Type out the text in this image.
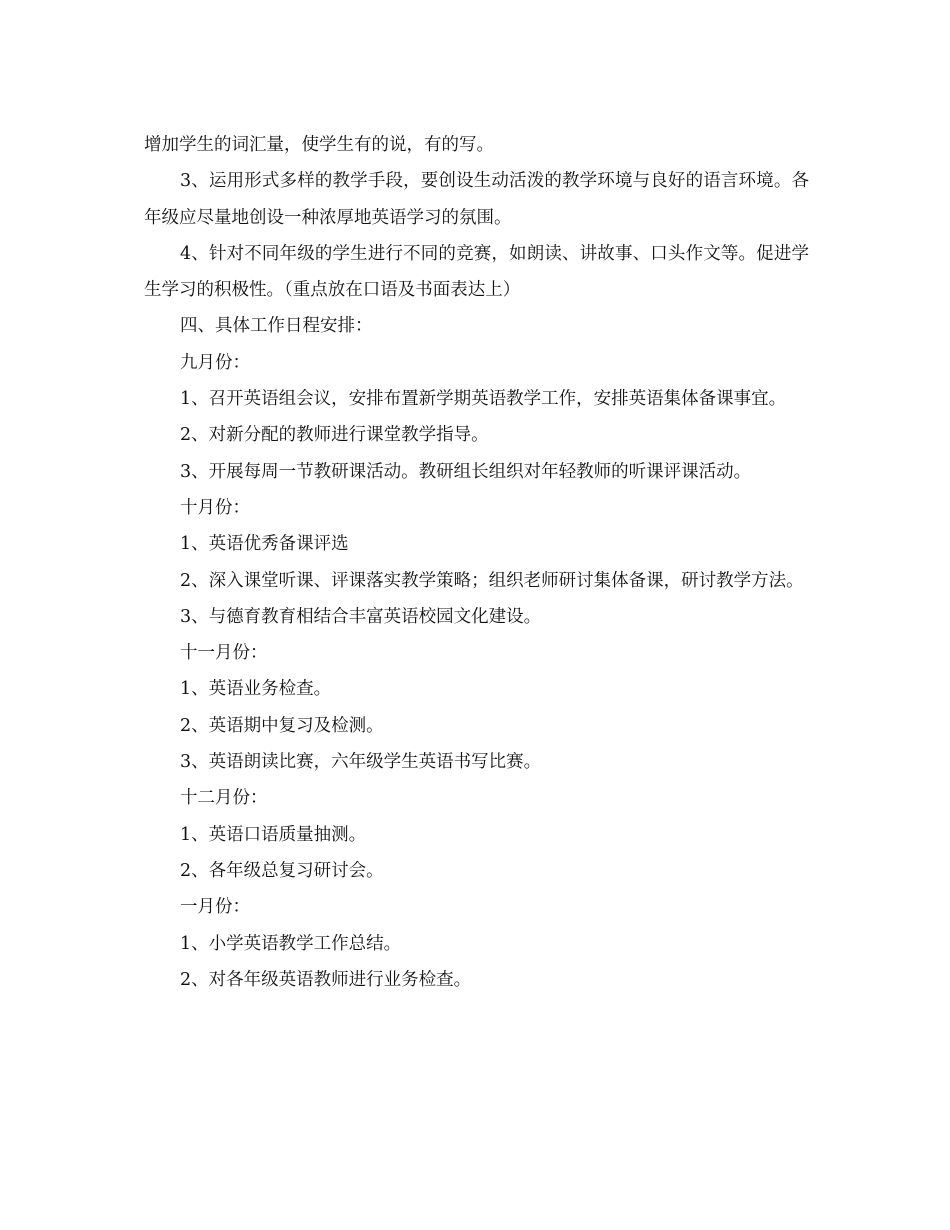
增加学生的词汇量，使学生有的说，有的写。

3、运用形式多样的教学手段，要创设生动活泼的教学环境与良好的语言环境。各年级应尽量地创设一种浓厚地英语学习的氛围。

4、针对不同年级的学生进行不同的竞赛，如朗读、讲故事、口头作文等。促进学生学习的积极性。（重点放在口语及书面表达上）

四、具体工作日程安排：

九月份：

1、召开英语组会议，安排布置新学期英语教学工作，安排英语集体备课事宜。

2、对新分配的教师进行课堂教学指导。

3、开展每周一节教研课活动。教研组长组织对年轻教师的听课评课活动。

十月份：

1、英语优秀备课评选

2、深入课堂听课、评课落实教学策略；组织老师研讨集体备课，研讨教学方法。

3、与德育教育相结合丰富英语校园文化建设。

十一月份：

1、英语业务检查。

2、英语期中复习及检测。

3、英语朗读比赛，六年级学生英语书写比赛。

十二月份：

1、英语口语质量抽测。

2、各年级总复习研讨会。

一月份：

1、小学英语教学工作总结。

2、对各年级英语教师进行业务检查。
